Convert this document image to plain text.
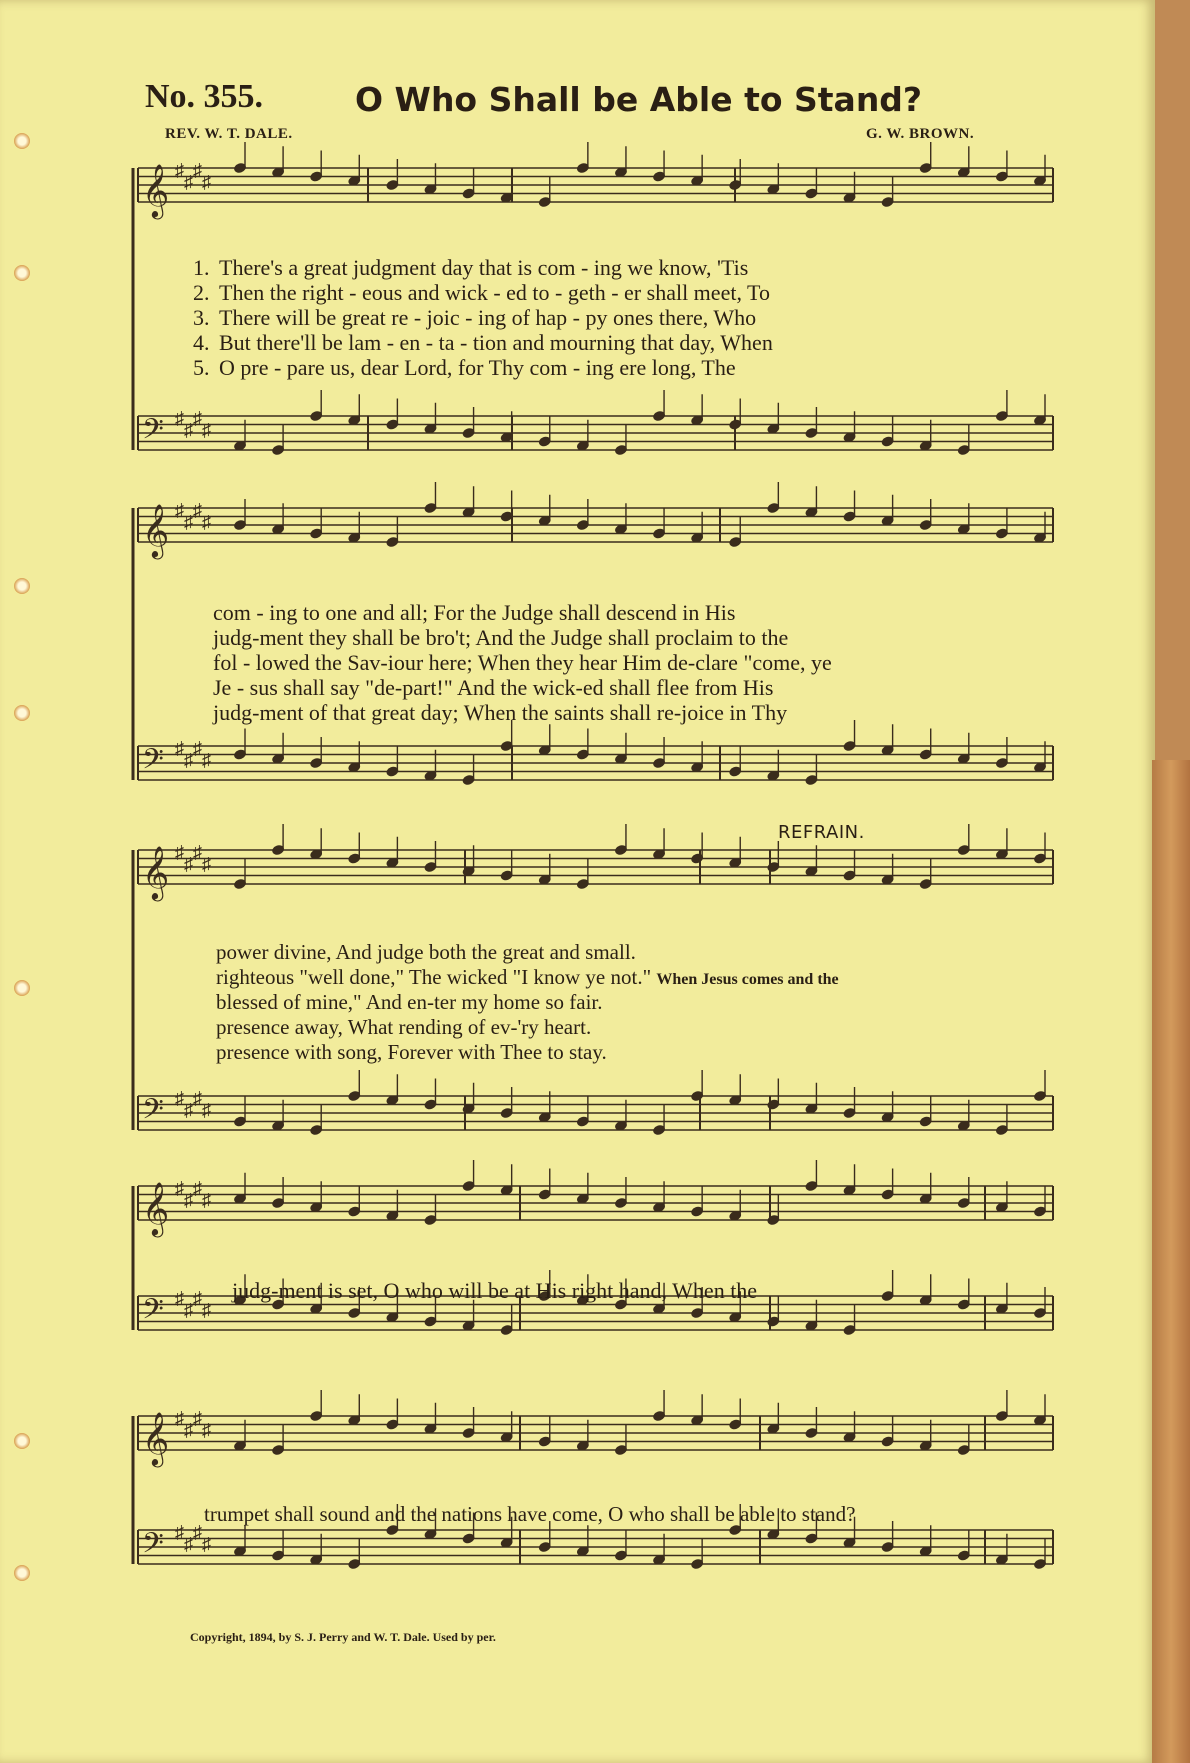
No. 355.	O Who Shall be Able to Stand?
REV. W. T. DALE.	G. W. BROWN.
𝄞 ♯
♯
♯
♯
𝄢 ♯
♯
♯
♯
𝄞 ♯
♯
♯
♯
𝄢 ♯
♯
♯
♯
𝄞 ♯
♯
♯
♯
𝄢 ♯
♯
♯
♯
𝄞 ♯
♯
♯
♯
𝄢 ♯
♯
♯
♯
𝄞 ♯
♯
♯
♯
𝄢 ♯
♯
♯
♯
1. There's a great judgment day that is com - ing we know, 'Tis
2. Then the right - eous and wick - ed to - geth - er shall meet, To
3. There will be great re - joic - ing of hap - py ones there, Who
4. But there'll be lam - en - ta - tion and mourning that day, When
5. O pre - pare us, dear Lord, for Thy com - ing ere long, The
com - ing to one and all; For the Judge shall descend in His
judg-ment they shall be bro't; And the Judge shall proclaim to the
fol - lowed the Sav-iour here; When they hear Him de-clare "come, ye
Je - sus shall say "de-part!" And the wick-ed shall flee from His
judg-ment of that great day; When the saints shall re-joice in Thy
REFRAIN.
power divine, And judge both the great and small.
righteous "well done," The wicked "I know ye not." When Jesus comes and the
blessed of mine," And en-ter my home so fair.
presence away, What rending of ev-'ry heart.
presence with song, Forever with Thee to stay.
judg-ment is set, O who will be at His right hand, When the
trumpet shall sound and the nations have come, O who shall be able to stand?
Copyright, 1894, by S. J. Perry and W. T. Dale. Used by per.
